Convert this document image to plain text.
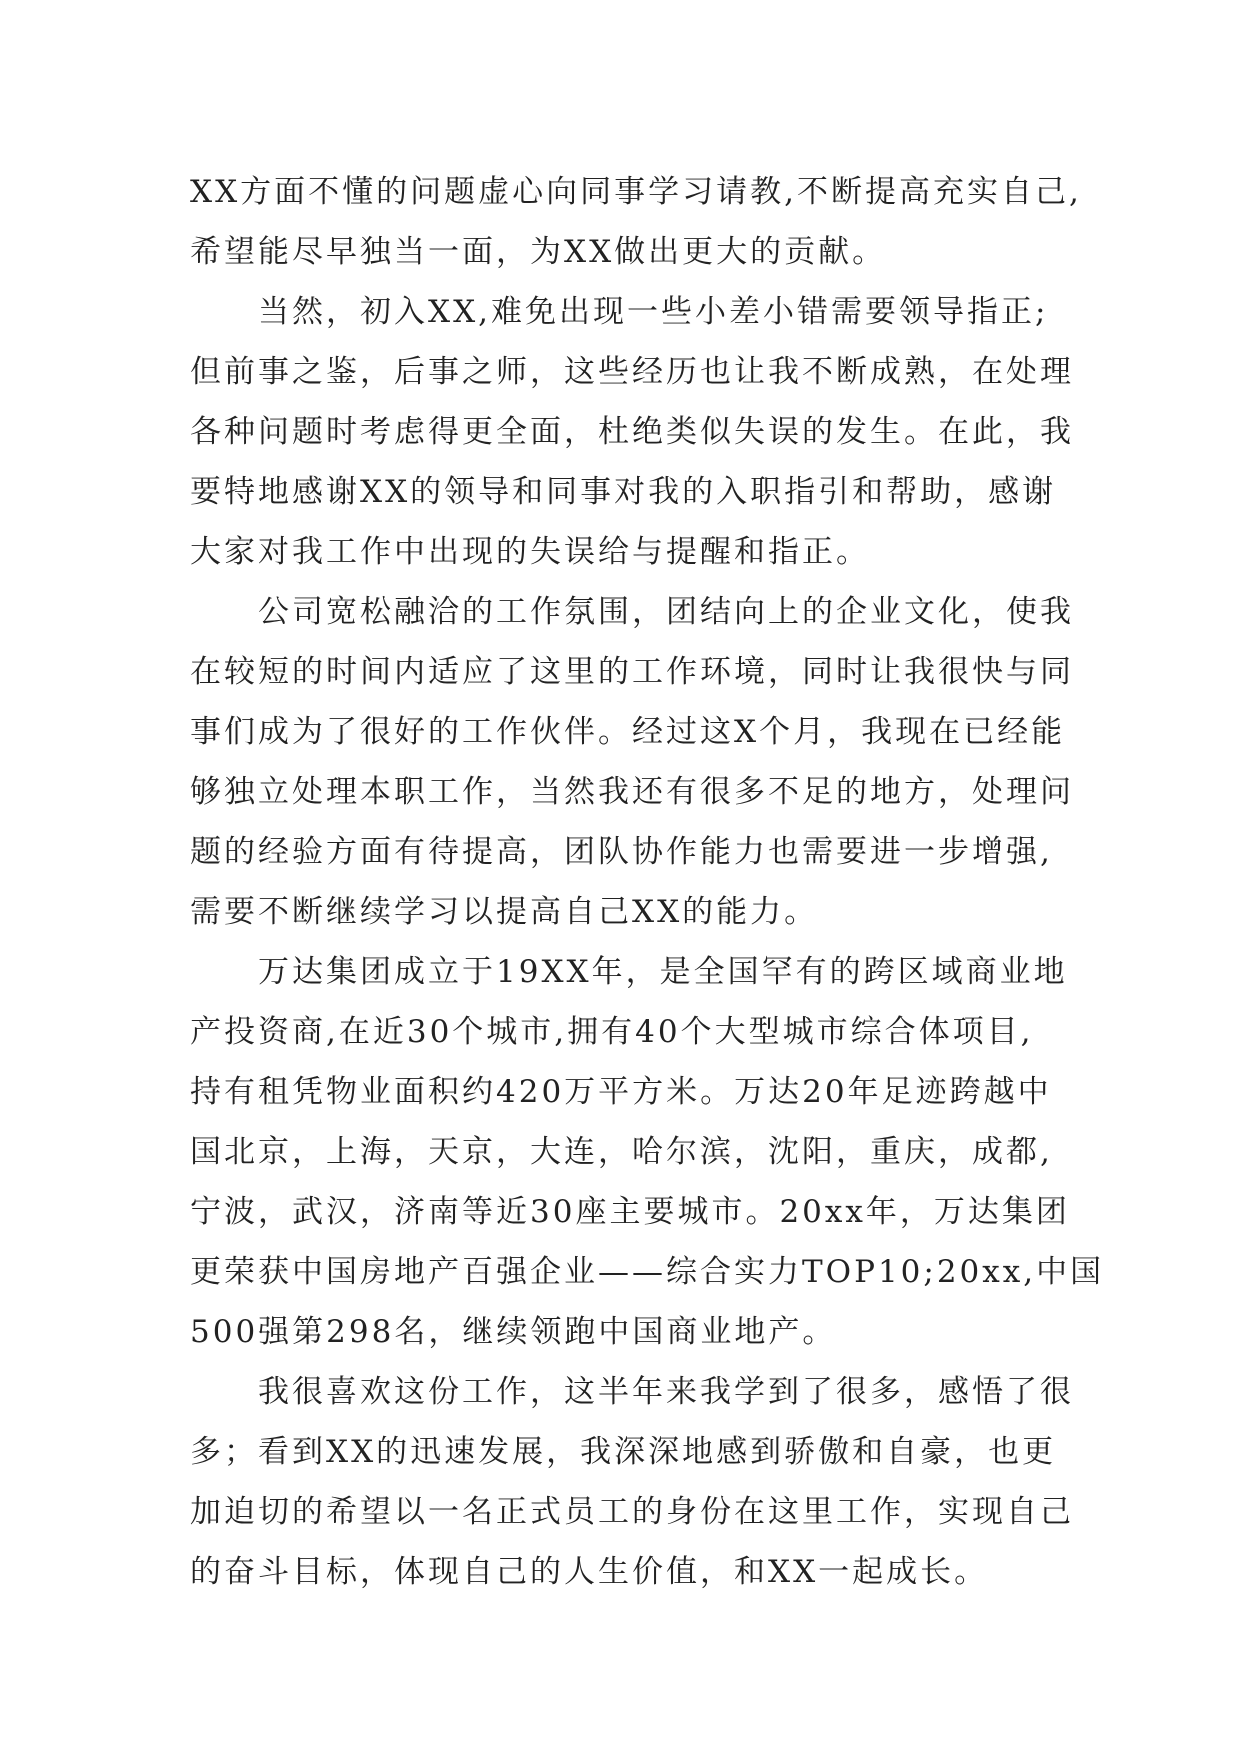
XX方面不懂的问题虚心向同事学习请教,不断提高充实自己,
希望能尽早独当一面，为XX做出更大的贡献。
当然，初入XX,难免出现一些小差小错需要领导指正;
但前事之鉴，后事之师，这些经历也让我不断成熟，在处理
各种问题时考虑得更全面，杜绝类似失误的发生。在此，我
要特地感谢XX的领导和同事对我的入职指引和帮助，感谢
大家对我工作中出现的失误给与提醒和指正。
公司宽松融洽的工作氛围，团结向上的企业文化，使我
在较短的时间内适应了这里的工作环境，同时让我很快与同
事们成为了很好的工作伙伴。经过这X个月，我现在已经能
够独立处理本职工作，当然我还有很多不足的地方，处理问
题的经验方面有待提高，团队协作能力也需要进一步增强,
需要不断继续学习以提高自己XX的能力。
万达集团成立于19XX年，是全国罕有的跨区域商业地
产投资商,在近30个城市,拥有40个大型城市综合体项目,
持有租凭物业面积约420万平方米。万达20年足迹跨越中
国北京，上海，天京，大连，哈尔滨，沈阳，重庆，成都,
宁波，武汉，济南等近30座主要城市。20xx年，万达集团
更荣获中国房地产百强企业——综合实力TOP10;20xx,中国
500强第298名，继续领跑中国商业地产。
我很喜欢这份工作，这半年来我学到了很多，感悟了很
多；看到XX的迅速发展，我深深地感到骄傲和自豪，也更
加迫切的希望以一名正式员工的身份在这里工作，实现自己
的奋斗目标，体现自己的人生价值，和XX一起成长。
